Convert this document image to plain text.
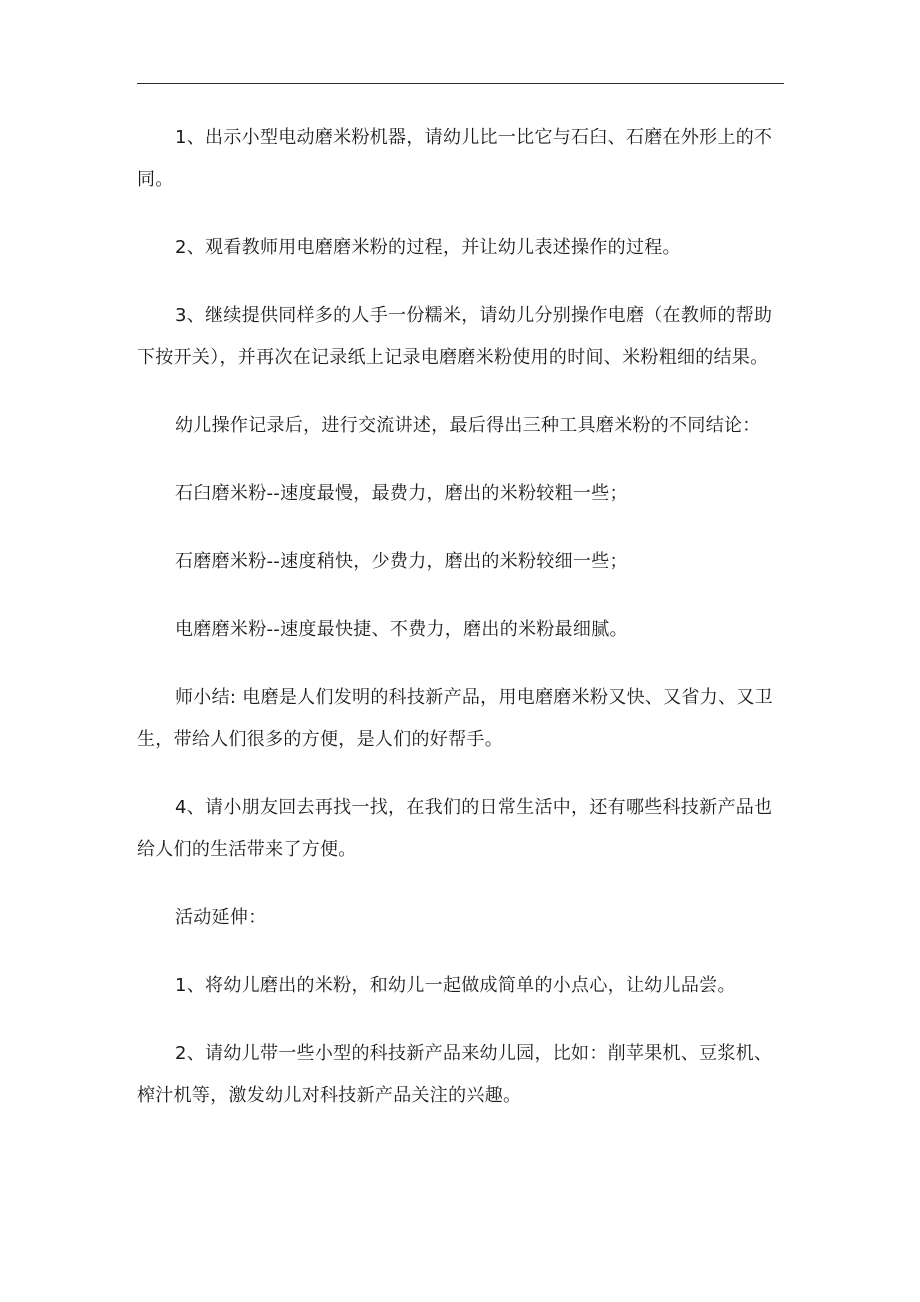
1、出示小型电动磨米粉机器，请幼儿比一比它与石臼、石磨在外形上的不同。

2、观看教师用电磨磨米粉的过程，并让幼儿表述操作的过程。

3、继续提供同样多的人手一份糯米，请幼儿分别操作电磨（在教师的帮助下按开关），并再次在记录纸上记录电磨磨米粉使用的时间、米粉粗细的结果。

幼儿操作记录后，进行交流讲述，最后得出三种工具磨米粉的不同结论：

石臼磨米粉--速度最慢，最费力，磨出的米粉较粗一些；

石磨磨米粉--速度稍快，少费力，磨出的米粉较细一些；

电磨磨米粉--速度最快捷、不费力，磨出的米粉最细腻。

师小结: 电磨是人们发明的科技新产品，用电磨磨米粉又快、又省力、又卫生，带给人们很多的方便，是人们的好帮手。

4、请小朋友回去再找一找，在我们的日常生活中，还有哪些科技新产品也给人们的生活带来了方便。

活动延伸：

1、将幼儿磨出的米粉，和幼儿一起做成简单的小点心，让幼儿品尝。

2、请幼儿带一些小型的科技新产品来幼儿园，比如：削苹果机、豆浆机、榨汁机等，激发幼儿对科技新产品关注的兴趣。
